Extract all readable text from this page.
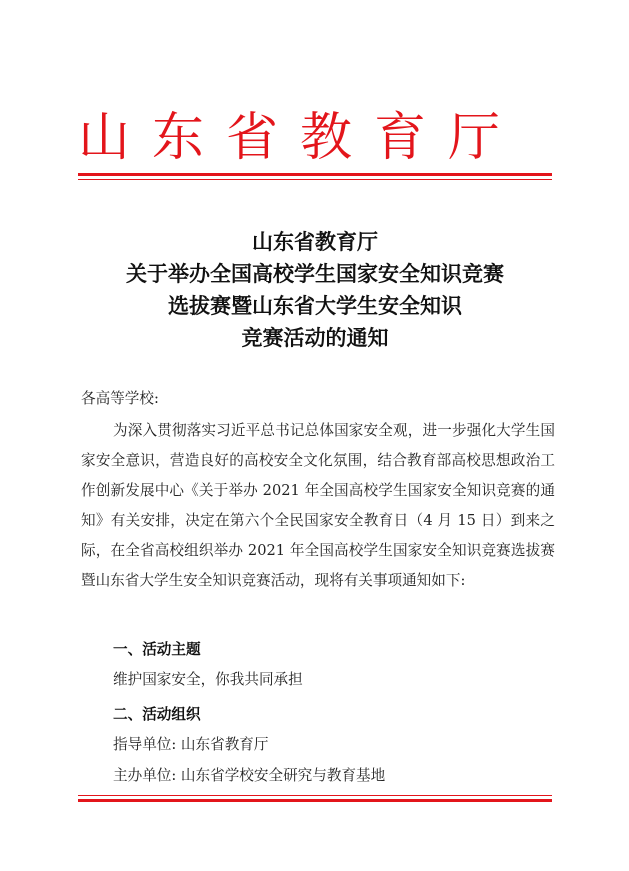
山东省教育厅
山东省教育厅
关于举办全国高校学生国家安全知识竞赛
选拔赛暨山东省大学生安全知识
竞赛活动的通知
各高等学校:
为深入贯彻落实习近平总书记总体国家安全观，进一步强化大学生国家安全意识，营造良好的高校安全文化氛围，结合教育部高校思想政治工作创新发展中心《关于举办 2021 年全国高校学生国家安全知识竞赛的通知》有关安排，决定在第六个全民国家安全教育日（4 月 15 日）到来之际，在全省高校组织举办 2021 年全国高校学生国家安全知识竞赛选拔赛暨山东省大学生安全知识竞赛活动，现将有关事项通知如下:
一、活动主题
维护国家安全，你我共同承担
二、活动组织
指导单位: 山东省教育厅
主办单位: 山东省学校安全研究与教育基地
